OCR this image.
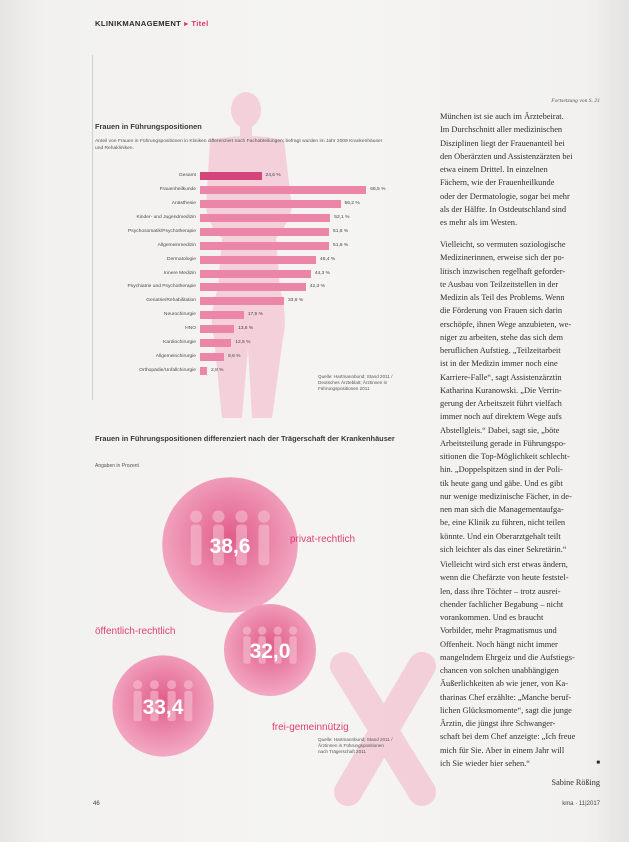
KLINIKMANAGEMENT ▸ Titel
Frauen in Führungspositionen
Anteil von Frauen in Führungspositionen in Kliniken differenziert nach Fachabteilungen; befragt wurden im Jahr 2009 Krankenhäuser und Rehakliniken.
Gesamt	24,6 %
Frauenheilkunde	66,5 %
Anästhesie	56,2 %
Kinder- und Jugendmedizin	52,1 %
Psychosomatik/Psychotherapie	51,6 %
Allgemeinmedizin	51,6 %
Dermatologie	46,4 %
Innere Medizin	44,3 %
Psychiatrie und Psychotherapie	42,3 %
Geriatrie/Rehabilitation	33,6 %
Neurochirurgie	17,5 %
HNO	13,6 %
Kardiochirurgie	12,5 %
Allgemeinchirurgie	9,6 %
Orthopädie/Unfallchirurgie	2,8 %
Quelle: Hartmannbund; Stand 2011 /
Deutsches Ärzteblatt; Ärztinnen in
Führungspositionen 2011
Frauen in Führungspositionen differenziert nach der Trägerschaft der Krankenhäuser
Angaben in Prozent
38,6	privat-rechtlich
32,0
öffentlich-rechtlich
33,4
frei-gemeinnützig
Quelle: Hartmannbund; Stand 2011 /
Ärztinnen in Führungspositionen
nach Trägerschaft 2011
Fortsetzung von S. 21
München ist sie auch im Ärztebeirat.
Im Durchschnitt aller medizinischen
Disziplinen liegt der Frauenanteil bei
den Oberärzten und Assistenzärzten bei
etwa einem Drittel. In einzelnen
Fächern, wie der Frauenheilkunde
oder der Dermatologie, sogar bei mehr
als der Hälfte. In Ostdeutschland sind
es mehr als im Westen.
Vielleicht, so vermuten soziologische
Medizinerinnen, erweise sich der po-
litisch inzwischen regelhaft geforder-
te Ausbau von Teilzeitstellen in der
Medizin als Teil des Problems. Wenn
die Förderung von Frauen sich darin
erschöpfe, ihnen Wege anzubieten, we-
niger zu arbeiten, stehe das sich dem
beruflichen Aufstieg. „Teilzeitarbeit
ist in der Medizin immer noch eine
Karriere-Falle“, sagt Assistenzärztin
Katharina Kuranowski. „Die Verrin-
gerung der Arbeitszeit führt vielfach
immer noch auf direktem Wege aufs
Abstellgleis.“ Dabei, sagt sie, „böte
Arbeitsteilung gerade in Führungspo-
sitionen die Top-Möglichkeit schlecht-
hin. „Doppelspitzen sind in der Poli-
tik heute gang und gäbe. Und es gibt
nur wenige medizinische Fächer, in de-
nen man sich die Managementaufga-
be, eine Klinik zu führen, nicht teilen
könnte. Und ein Oberarztgehalt teilt
sich leichter als das einer Sekretärin.“
Vielleicht wird sich erst etwas ändern,
wenn die Chefärzte von heute feststel-
len, dass ihre Töchter – trotz ausrei-
chender fachlicher Begabung – nicht
vorankommen. Und es braucht
Vorbilder, mehr Pragmatismus und
Offenheit. Noch hängt nicht immer
mangelndem Ehrgeiz und die Aufstiegs-
chancen von solchen unabhängigen
Äußerlichkeiten ab wie jener, von Ka-
tharinas Chef erzählte: „Manche beruf-
lichen Glücksmomente“, sagt die junge
Ärztin, die jüngst ihre Schwanger-
schaft bei dem Chef anzeigte: „Ich freue
mich für Sie. Aber in einem Jahr will
ich Sie wieder hier sehen.“	■
Sabine Rößing
46	kma · 11|2017
